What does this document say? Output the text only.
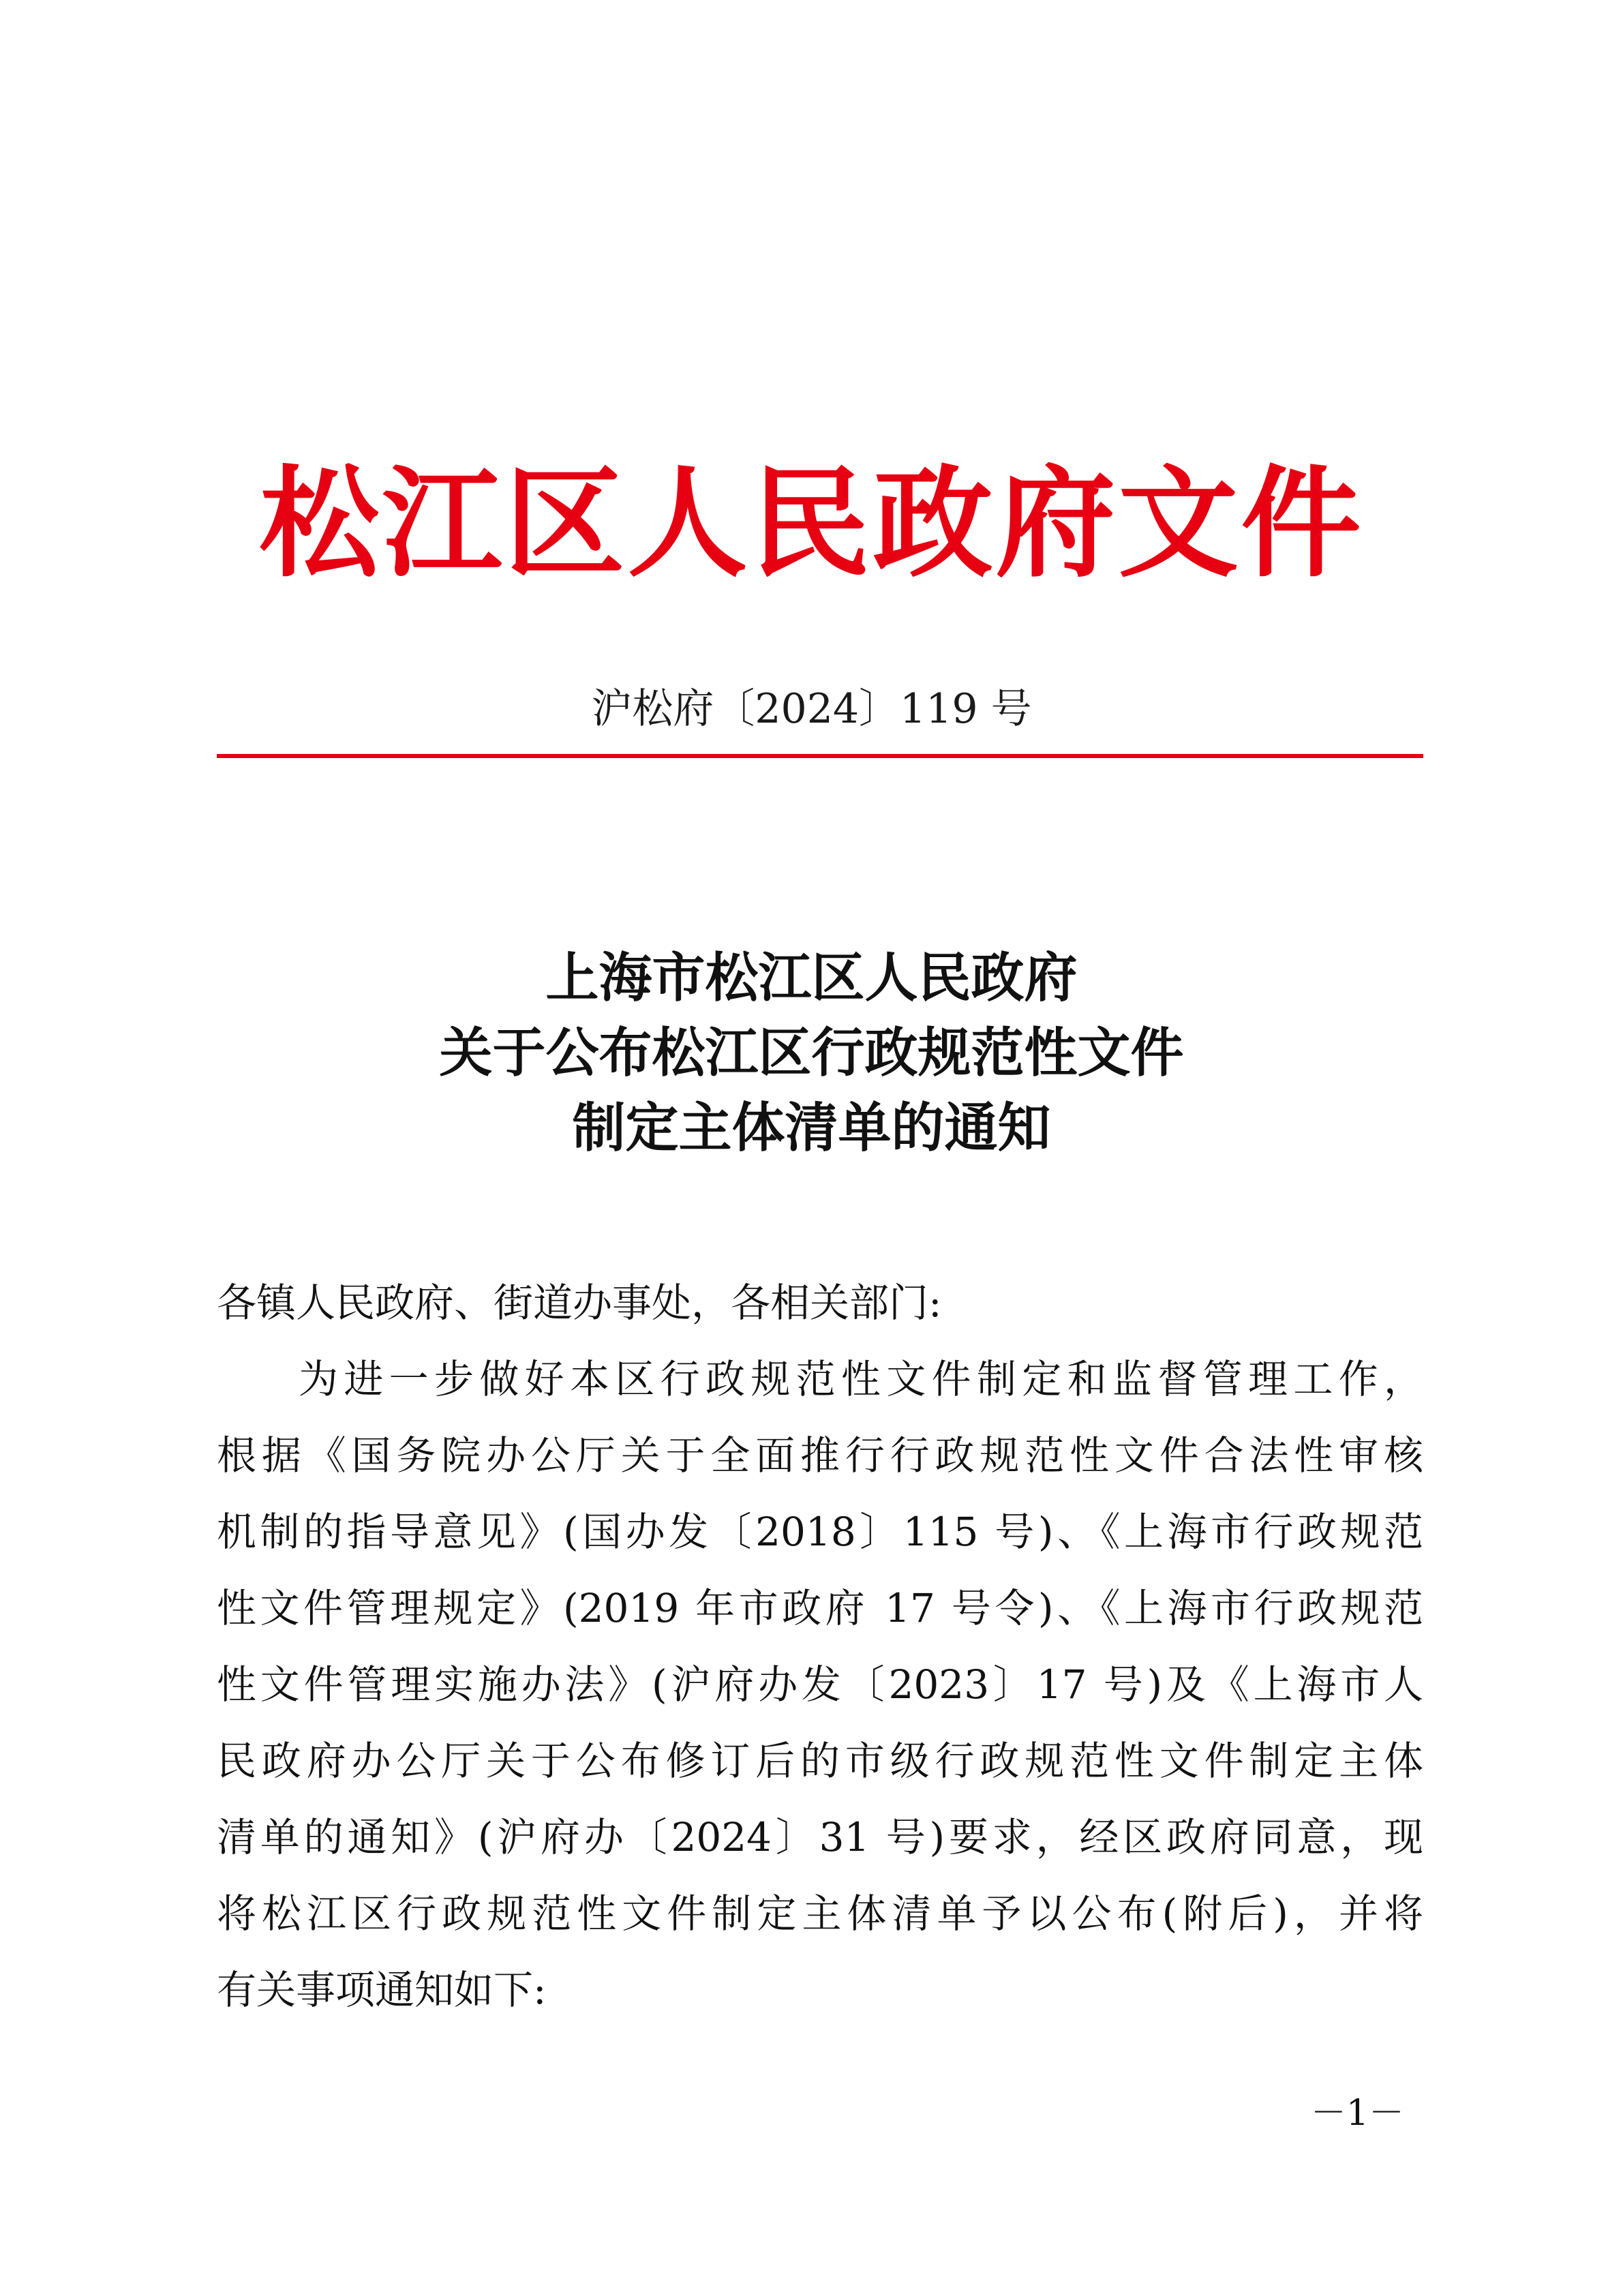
松江区人民政府文件
沪松府〔2024〕119 号
上海市松江区人民政府
关于公布松江区行政规范性文件
制定主体清单的通知
各镇人民政府、街道办事处，各相关部门:
为进一步做好本区行政规范性文件制定和监督管理工作，
根据《国务院办公厅关于全面推行行政规范性文件合法性审核
机制的指导意见》(国办发〔2018〕115 号)、《上海市行政规范
性文件管理规定》(2019 年市政府 17 号令)、《上海市行政规范
性文件管理实施办法》(沪府办发〔2023〕17 号)及《上海市人
民政府办公厅关于公布修订后的市级行政规范性文件制定主体
清单的通知》(沪府办〔2024〕31 号)要求，经区政府同意，现
将松江区行政规范性文件制定主体清单予以公布(附后)，并将
有关事项通知如下:
－1－
